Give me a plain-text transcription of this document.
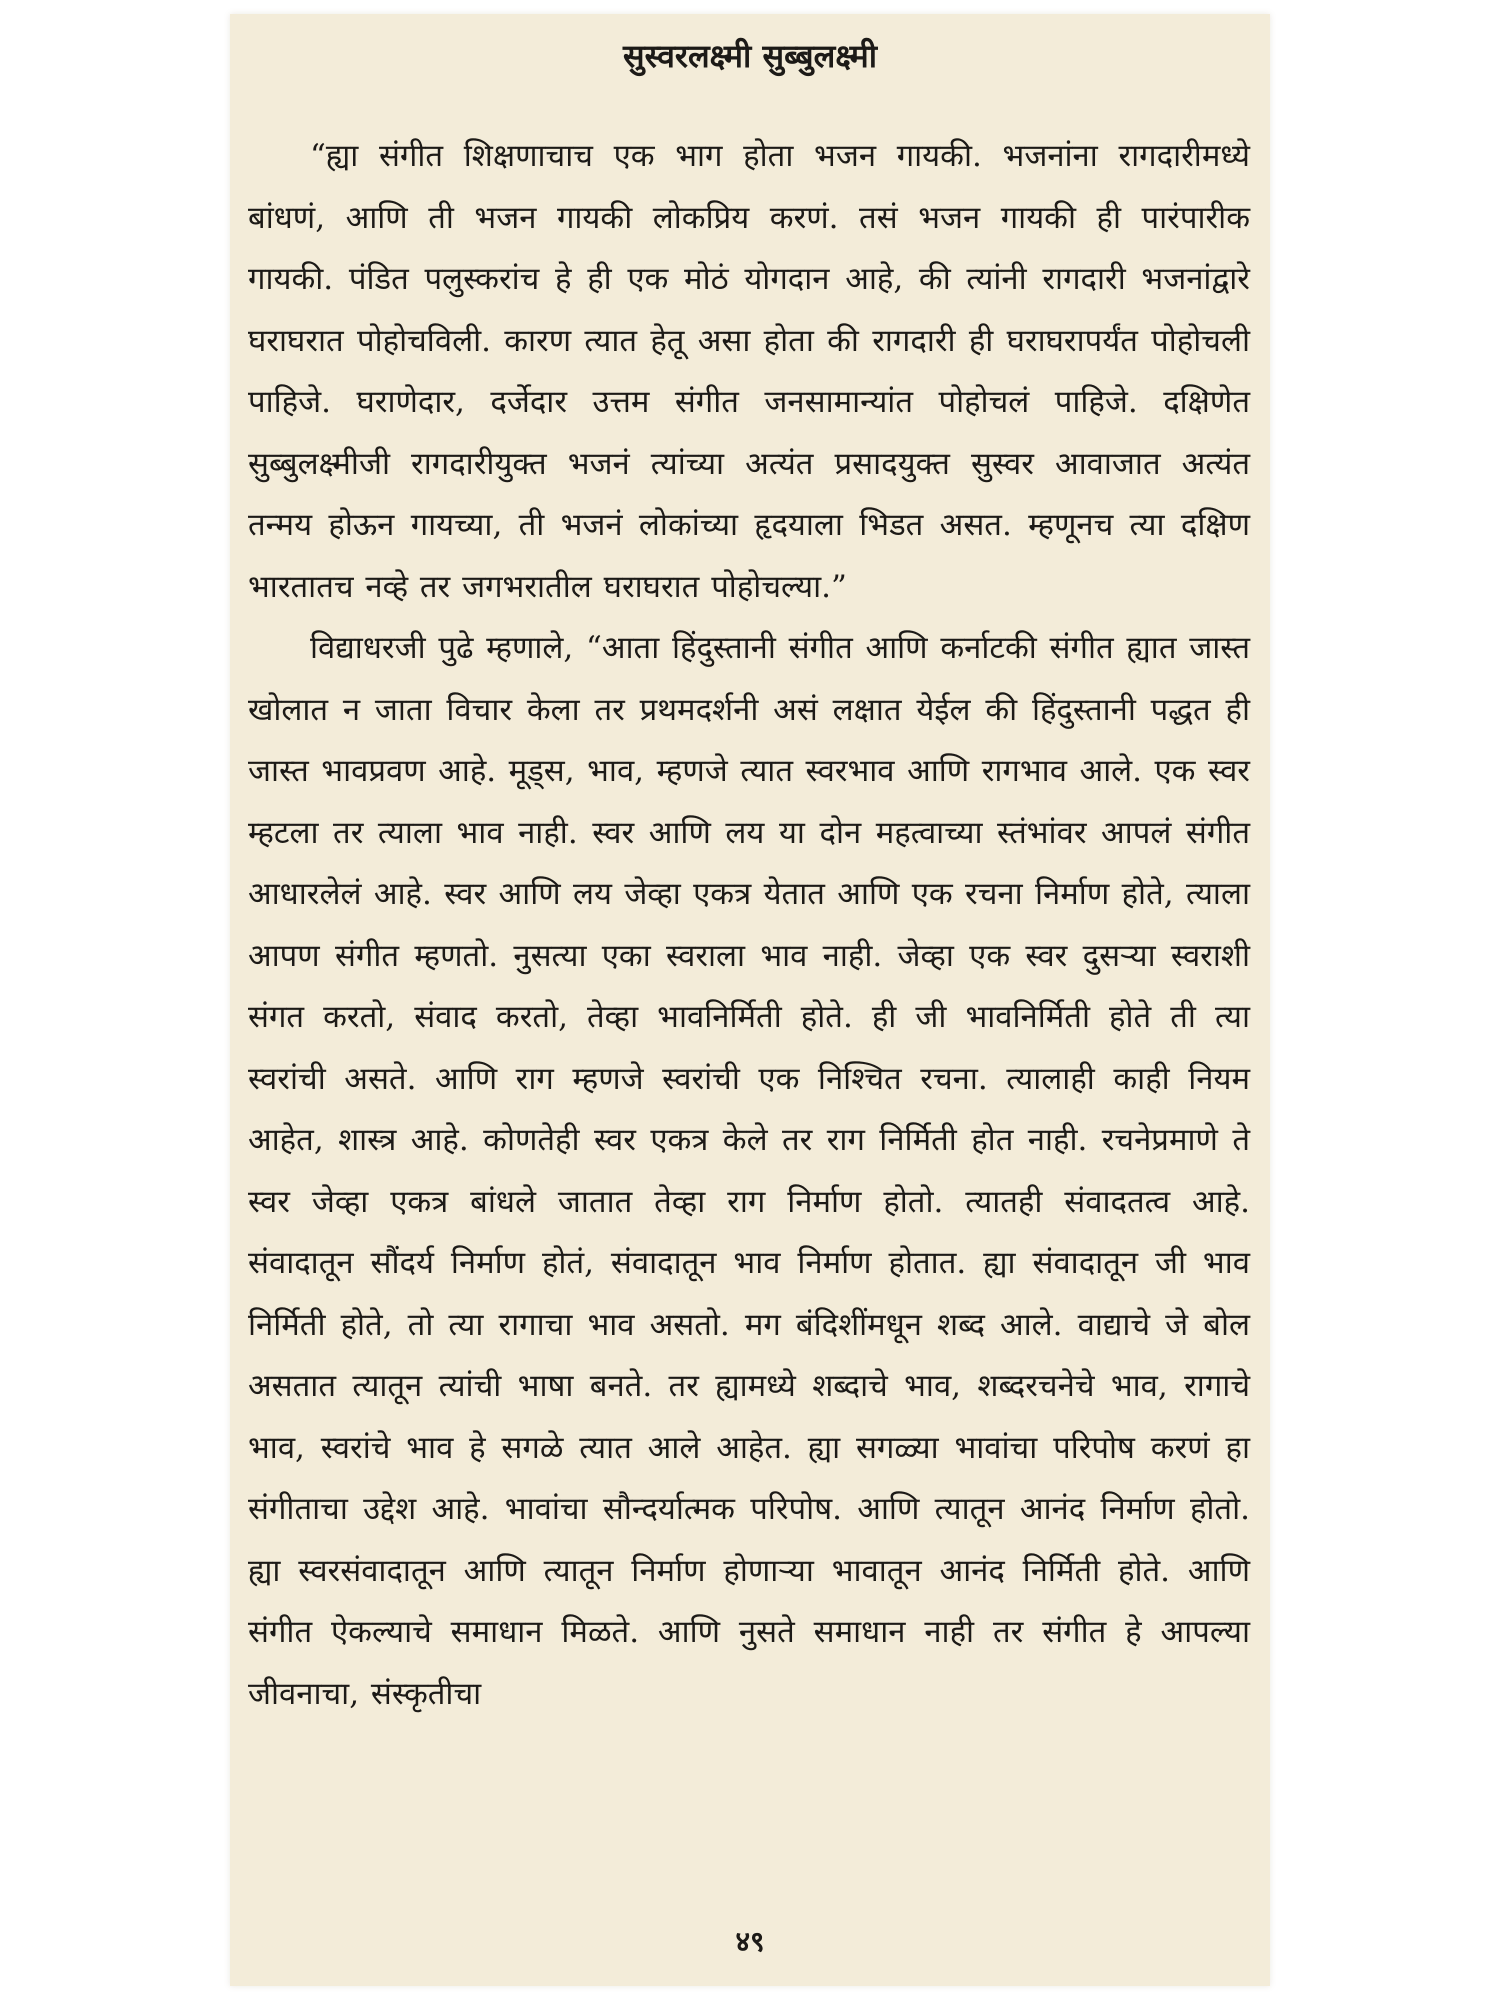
सुस्वरलक्ष्मी सुब्बुलक्ष्मी

“ह्या संगीत शिक्षणाचाच एक भाग होता भजन गायकी. भजनांना रागदारीमध्ये बांधणं, आणि ती भजन गायकी लोकप्रिय करणं. तसं भजन गायकी ही पारंपारीक गायकी. पंडित पलुस्करांच हे ही एक मोठं योगदान आहे, की त्यांनी रागदारी भजनांद्वारे घराघरात पोहोचविली. कारण त्यात हेतू असा होता की रागदारी ही घराघरापर्यंत पोहोचली पाहिजे. घराणेदार, दर्जेदार उत्तम संगीत जनसामान्यांत पोहोचलं पाहिजे. दक्षिणेत सुब्बुलक्ष्मीजी रागदारीयुक्त भजनं त्यांच्या अत्यंत प्रसादयुक्त सुस्वर आवाजात अत्यंत तन्मय होऊन गायच्या, ती भजनं लोकांच्या हृदयाला भिडत असत. म्हणूनच त्या दक्षिण भारतातच नव्हे तर जगभरातील घराघरात पोहोचल्या.”

विद्याधरजी पुढे म्हणाले, “आता हिंदुस्तानी संगीत आणि कर्नाटकी संगीत ह्यात जास्त खोलात न जाता विचार केला तर प्रथमदर्शनी असं लक्षात येईल की हिंदुस्तानी पद्धत ही जास्त भावप्रवण आहे. मूड्स, भाव, म्हणजे त्यात स्वरभाव आणि रागभाव आले. एक स्वर म्हटला तर त्याला भाव नाही. स्वर आणि लय या दोन महत्वाच्या स्तंभांवर आपलं संगीत आधारलेलं आहे. स्वर आणि लय जेव्हा एकत्र येतात आणि एक रचना निर्माण होते, त्याला आपण संगीत म्हणतो. नुसत्या एका स्वराला भाव नाही. जेव्हा एक स्वर दुसऱ्या स्वराशी संगत करतो, संवाद करतो, तेव्हा भावनिर्मिती होते. ही जी भावनिर्मिती होते ती त्या स्वरांची असते. आणि राग म्हणजे स्वरांची एक निश्चित रचना. त्यालाही काही नियम आहेत, शास्त्र आहे. कोणतेही स्वर एकत्र केले तर राग निर्मिती होत नाही. रचनेप्रमाणे ते स्वर जेव्हा एकत्र बांधले जातात तेव्हा राग निर्माण होतो. त्यातही संवादतत्व आहे. संवादातून सौंदर्य निर्माण होतं, संवादातून भाव निर्माण होतात. ह्या संवादातून जी भाव निर्मिती होते, तो त्या रागाचा भाव असतो. मग बंदिशींमधून शब्द आले. वाद्याचे जे बोल असतात त्यातून त्यांची भाषा बनते. तर ह्यामध्ये शब्दाचे भाव, शब्दरचनेचे भाव, रागाचे भाव, स्वरांचे भाव हे सगळे त्यात आले आहेत. ह्या सगळ्या भावांचा परिपोष करणं हा संगीताचा उद्देश आहे. भावांचा सौन्दर्यात्मक परिपोष. आणि त्यातून आनंद निर्माण होतो. ह्या स्वरसंवादातून आणि त्यातून निर्माण होणाऱ्या भावातून आनंद निर्मिती होते. आणि संगीत ऐकल्याचे समाधान मिळते. आणि नुसते समाधान नाही तर संगीत हे आपल्या जीवनाचा, संस्कृतीचा

४९
